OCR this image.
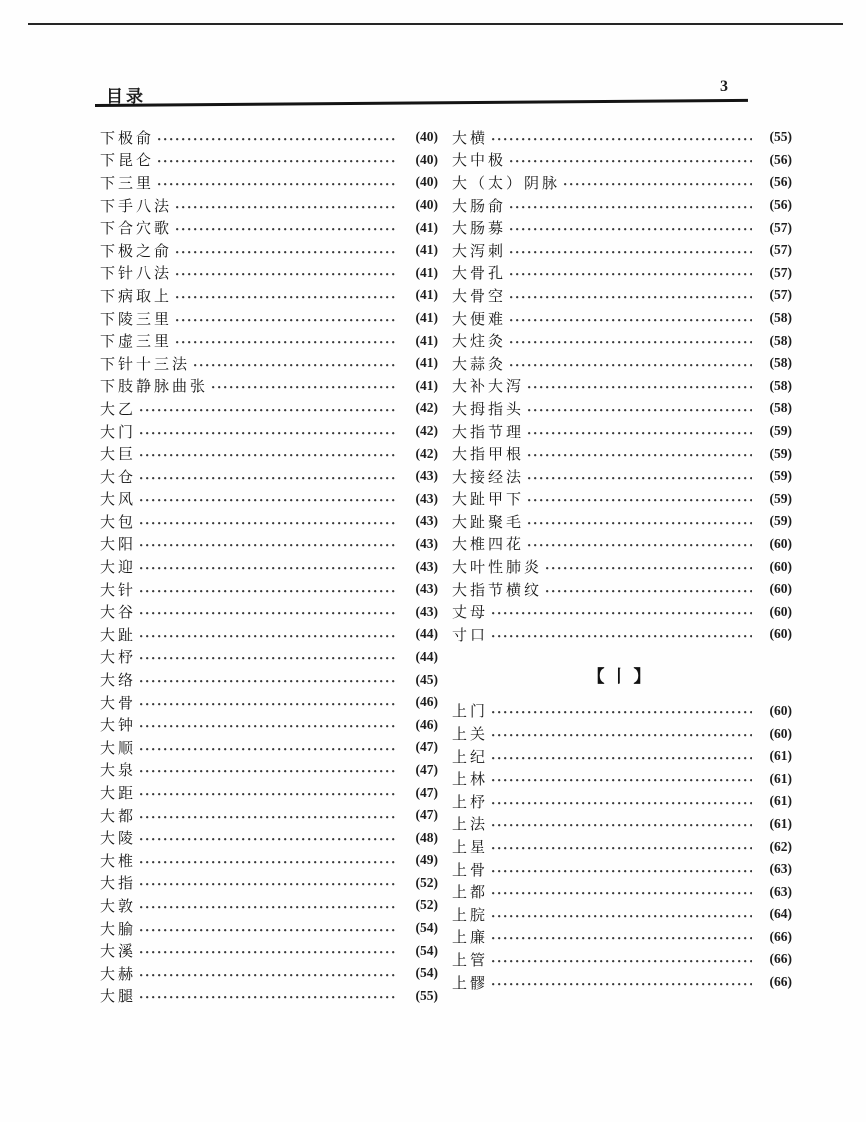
目录
3
下极俞	(40)
下昆仑	(40)
下三里	(40)
下手八法	(40)
下合穴歌	(41)
下极之俞	(41)
下针八法	(41)
下病取上	(41)
下陵三里	(41)
下虚三里	(41)
下针十三法	(41)
下肢静脉曲张	(41)
大乙	(42)
大门	(42)
大巨	(42)
大仓	(43)
大风	(43)
大包	(43)
大阳	(43)
大迎	(43)
大针	(43)
大谷	(43)
大趾	(44)
大杼	(44)
大络	(45)
大骨	(46)
大钟	(46)
大顺	(47)
大泉	(47)
大距	(47)
大都	(47)
大陵	(48)
大椎	(49)
大指	(52)
大敦	(52)
大腧	(54)
大溪	(54)
大赫	(54)
大腿	(55)
大横	(55)
大中极	(56)
大（太）阴脉	(56)
大肠俞	(56)
大肠募	(57)
大泻刺	(57)
大骨孔	(57)
大骨空	(57)
大便难	(58)
大炷灸	(58)
大蒜灸	(58)
大补大泻	(58)
大拇指头	(58)
大指节理	(59)
大指甲根	(59)
大接经法	(59)
大趾甲下	(59)
大趾聚毛	(59)
大椎四花	(60)
大叶性肺炎	(60)
大指节横纹	(60)
丈母	(60)
寸口	(60)
【丨】
上门	(60)
上关	(60)
上纪	(61)
上林	(61)
上杼	(61)
上法	(61)
上星	(62)
上骨	(63)
上都	(63)
上脘	(64)
上廉	(66)
上管	(66)
上髎	(66)
